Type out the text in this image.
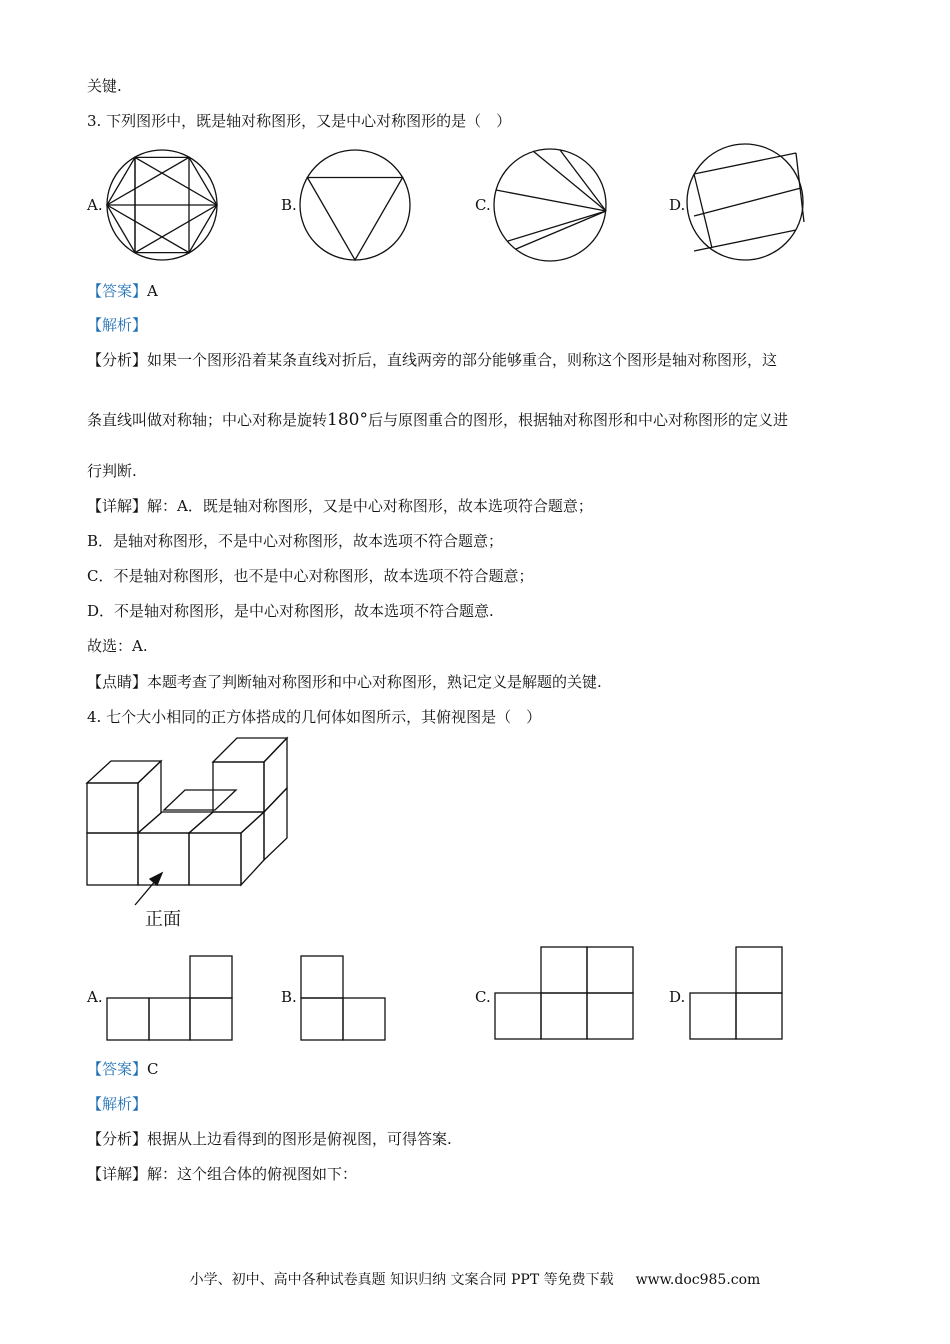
关键.
3. 下列图形中，既是轴对称图形，又是中心对称图形的是（　）
A.	B.	C.	D.
【答案】A
【解析】
【分析】如果一个图形沿着某条直线对折后，直线两旁的部分能够重合，则称这个图形是轴对称图形，这
条直线叫做对称轴；中心对称是旋转180°后与原图重合的图形，根据轴对称图形和中心对称图形的定义进
行判断.
【详解】解：A．既是轴对称图形，又是中心对称图形，故本选项符合题意；
B．是轴对称图形，不是中心对称图形，故本选项不符合题意；
C．不是轴对称图形，也不是中心对称图形，故本选项不符合题意；
D．不是轴对称图形，是中心对称图形，故本选项不符合题意.
故选：A.
【点睛】本题考查了判断轴对称图形和中心对称图形，熟记定义是解题的关键.
4. 七个大小相同的正方体搭成的几何体如图所示，其俯视图是（　）
正面
A.	B.	C.	D.
【答案】C
【解析】
【分析】根据从上边看得到的图形是俯视图，可得答案.
【详解】解：这个组合体的俯视图如下：
小学、初中、高中各种试卷真题 知识归纳 文案合同 PPT 等免费下载 www.doc985.com
